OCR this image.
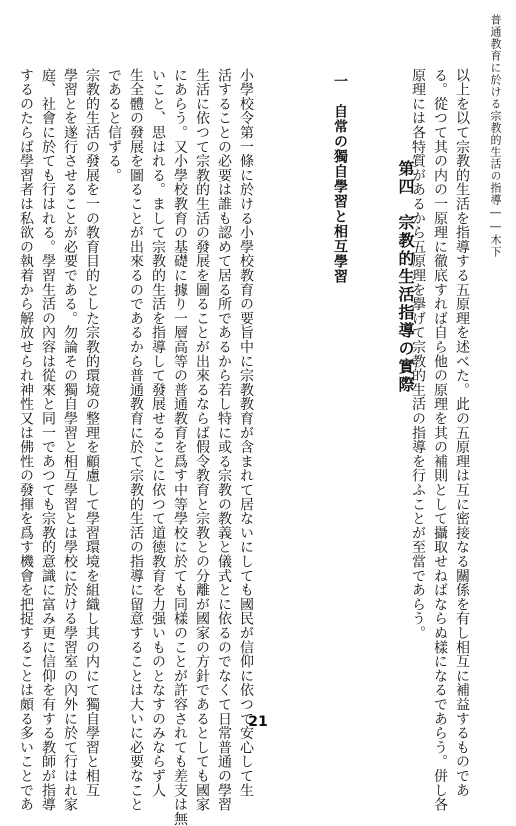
普通教育に於ける宗教的生活の指導――木下
以上を以て宗教的生活を指導する五原理を述べた。此の五原理は互に密接なる關係を有し相互に補益するものであ
る。從つて其の内の一原理に徹底すれば自ら他の原理を其の補則として攝取せねばならぬ樣になるであらう。併し各
原理には各特質があるから五原理を擧げて宗教的生活の指導を行ふことが至當であらう。
小學校令第一條に於ける小學校教育の要旨中に宗教教育が含まれて居ないにしても國民が信仰に依つて安心して生
活することの必要は誰も認めて居る所であるから若し特に或る宗教の教義と儀式とに依るのでなくて日常普通の學習
生活に依つて宗教的生活の發展を圖ることが出來るならば假令教育と宗教との分離が國家の方針であるとしても國家
にあらう。又小學校教育の基礎に據り一層高等の普通教育を爲す中等學校に於ても同樣のことが許容されても差支は無
いこと、思はれる。まして宗教的生活を指導して發展せることに依つて道徳教育を力强いものとなすのみならず人
生全體の發展を圖ることが出來るのであるから普通教育に於て宗教的生活の指導に留意することは大いに必要なこと
であると信ずる。
宗教的生活の發展を一の教育目的とした宗教的環境の整理を顧慮して學習環境を組織し其の内にて獨自學習と相互
學習とを遂行させることが必要である。勿論その獨自學習と相互學習とは學校に於ける學習室の內外に於て行はれ家
庭、社會に於ても行はれる。學習生活の內容は從來と同一であつても宗教的意識に富み更に信仰を有する教師が指導
するのたらば學習者は私欲の執着から解放せられ神性又は佛性の發揮を爲す機會を把捉することは頗る多いことであ	第四　宗教的生活指導の實際
一　自常の獨自學習と相互學習
21
